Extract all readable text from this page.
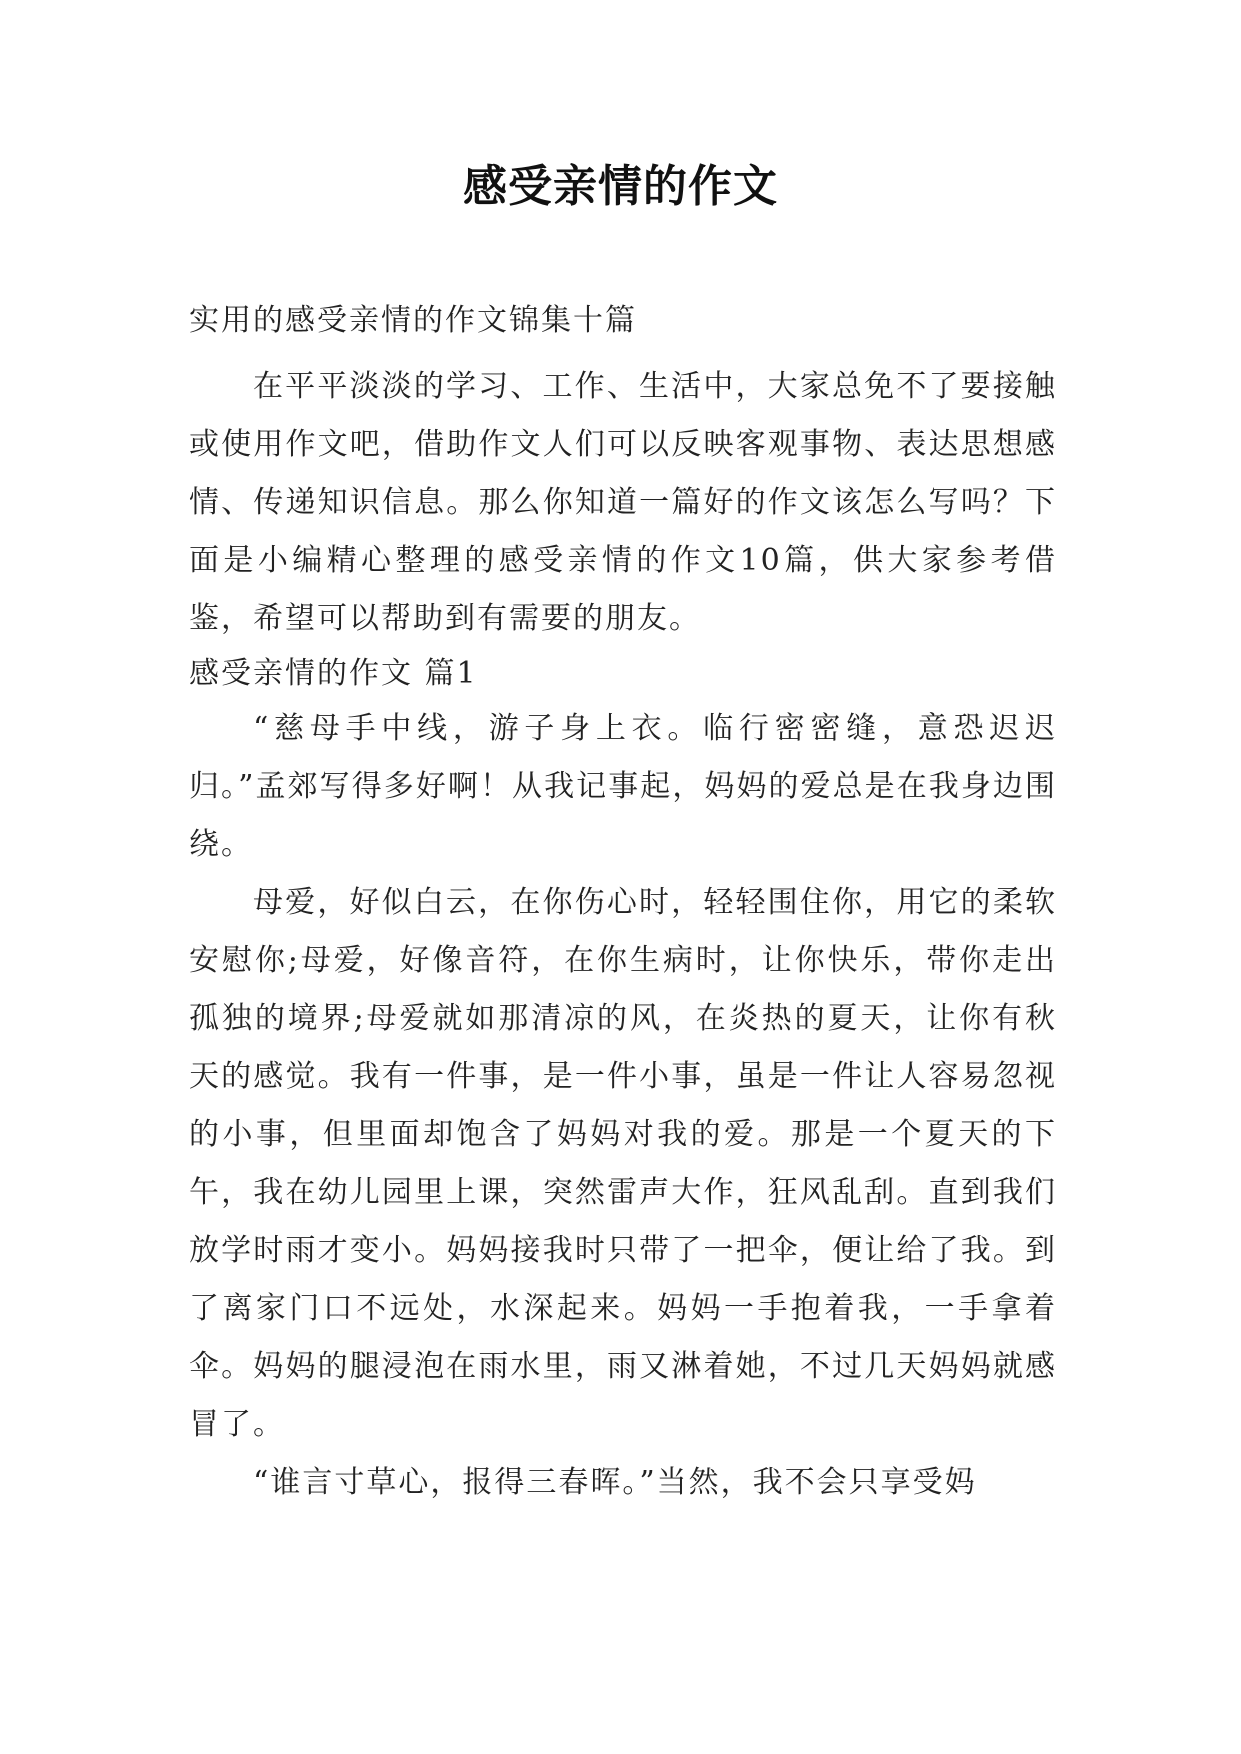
感受亲情的作文
实用的感受亲情的作文锦集十篇

在平平淡淡的学习、工作、生活中，大家总免不了要接触或使用作文吧，借助作文人们可以反映客观事物、表达思想感情、传递知识信息。那么你知道一篇好的作文该怎么写吗？下面是小编精心整理的感受亲情的作文10篇，供大家参考借鉴，希望可以帮助到有需要的朋友。

感受亲情的作文 篇1

“慈母手中线，游子身上衣。临行密密缝，意恐迟迟归。”孟郊写得多好啊！从我记事起，妈妈的爱总是在我身边围绕。

母爱，好似白云，在你伤心时，轻轻围住你，用它的柔软安慰你;母爱，好像音符，在你生病时，让你快乐，带你走出孤独的境界;母爱就如那清凉的风，在炎热的夏天，让你有秋天的感觉。我有一件事，是一件小事，虽是一件让人容易忽视的小事，但里面却饱含了妈妈对我的爱。那是一个夏天的下午，我在幼儿园里上课，突然雷声大作，狂风乱刮。直到我们放学时雨才变小。妈妈接我时只带了一把伞，便让给了我。到了离家门口不远处，水深起来。妈妈一手抱着我，一手拿着伞。妈妈的腿浸泡在雨水里，雨又淋着她，不过几天妈妈就感冒了。

“谁言寸草心，报得三春晖。”当然，我不会只享受妈
